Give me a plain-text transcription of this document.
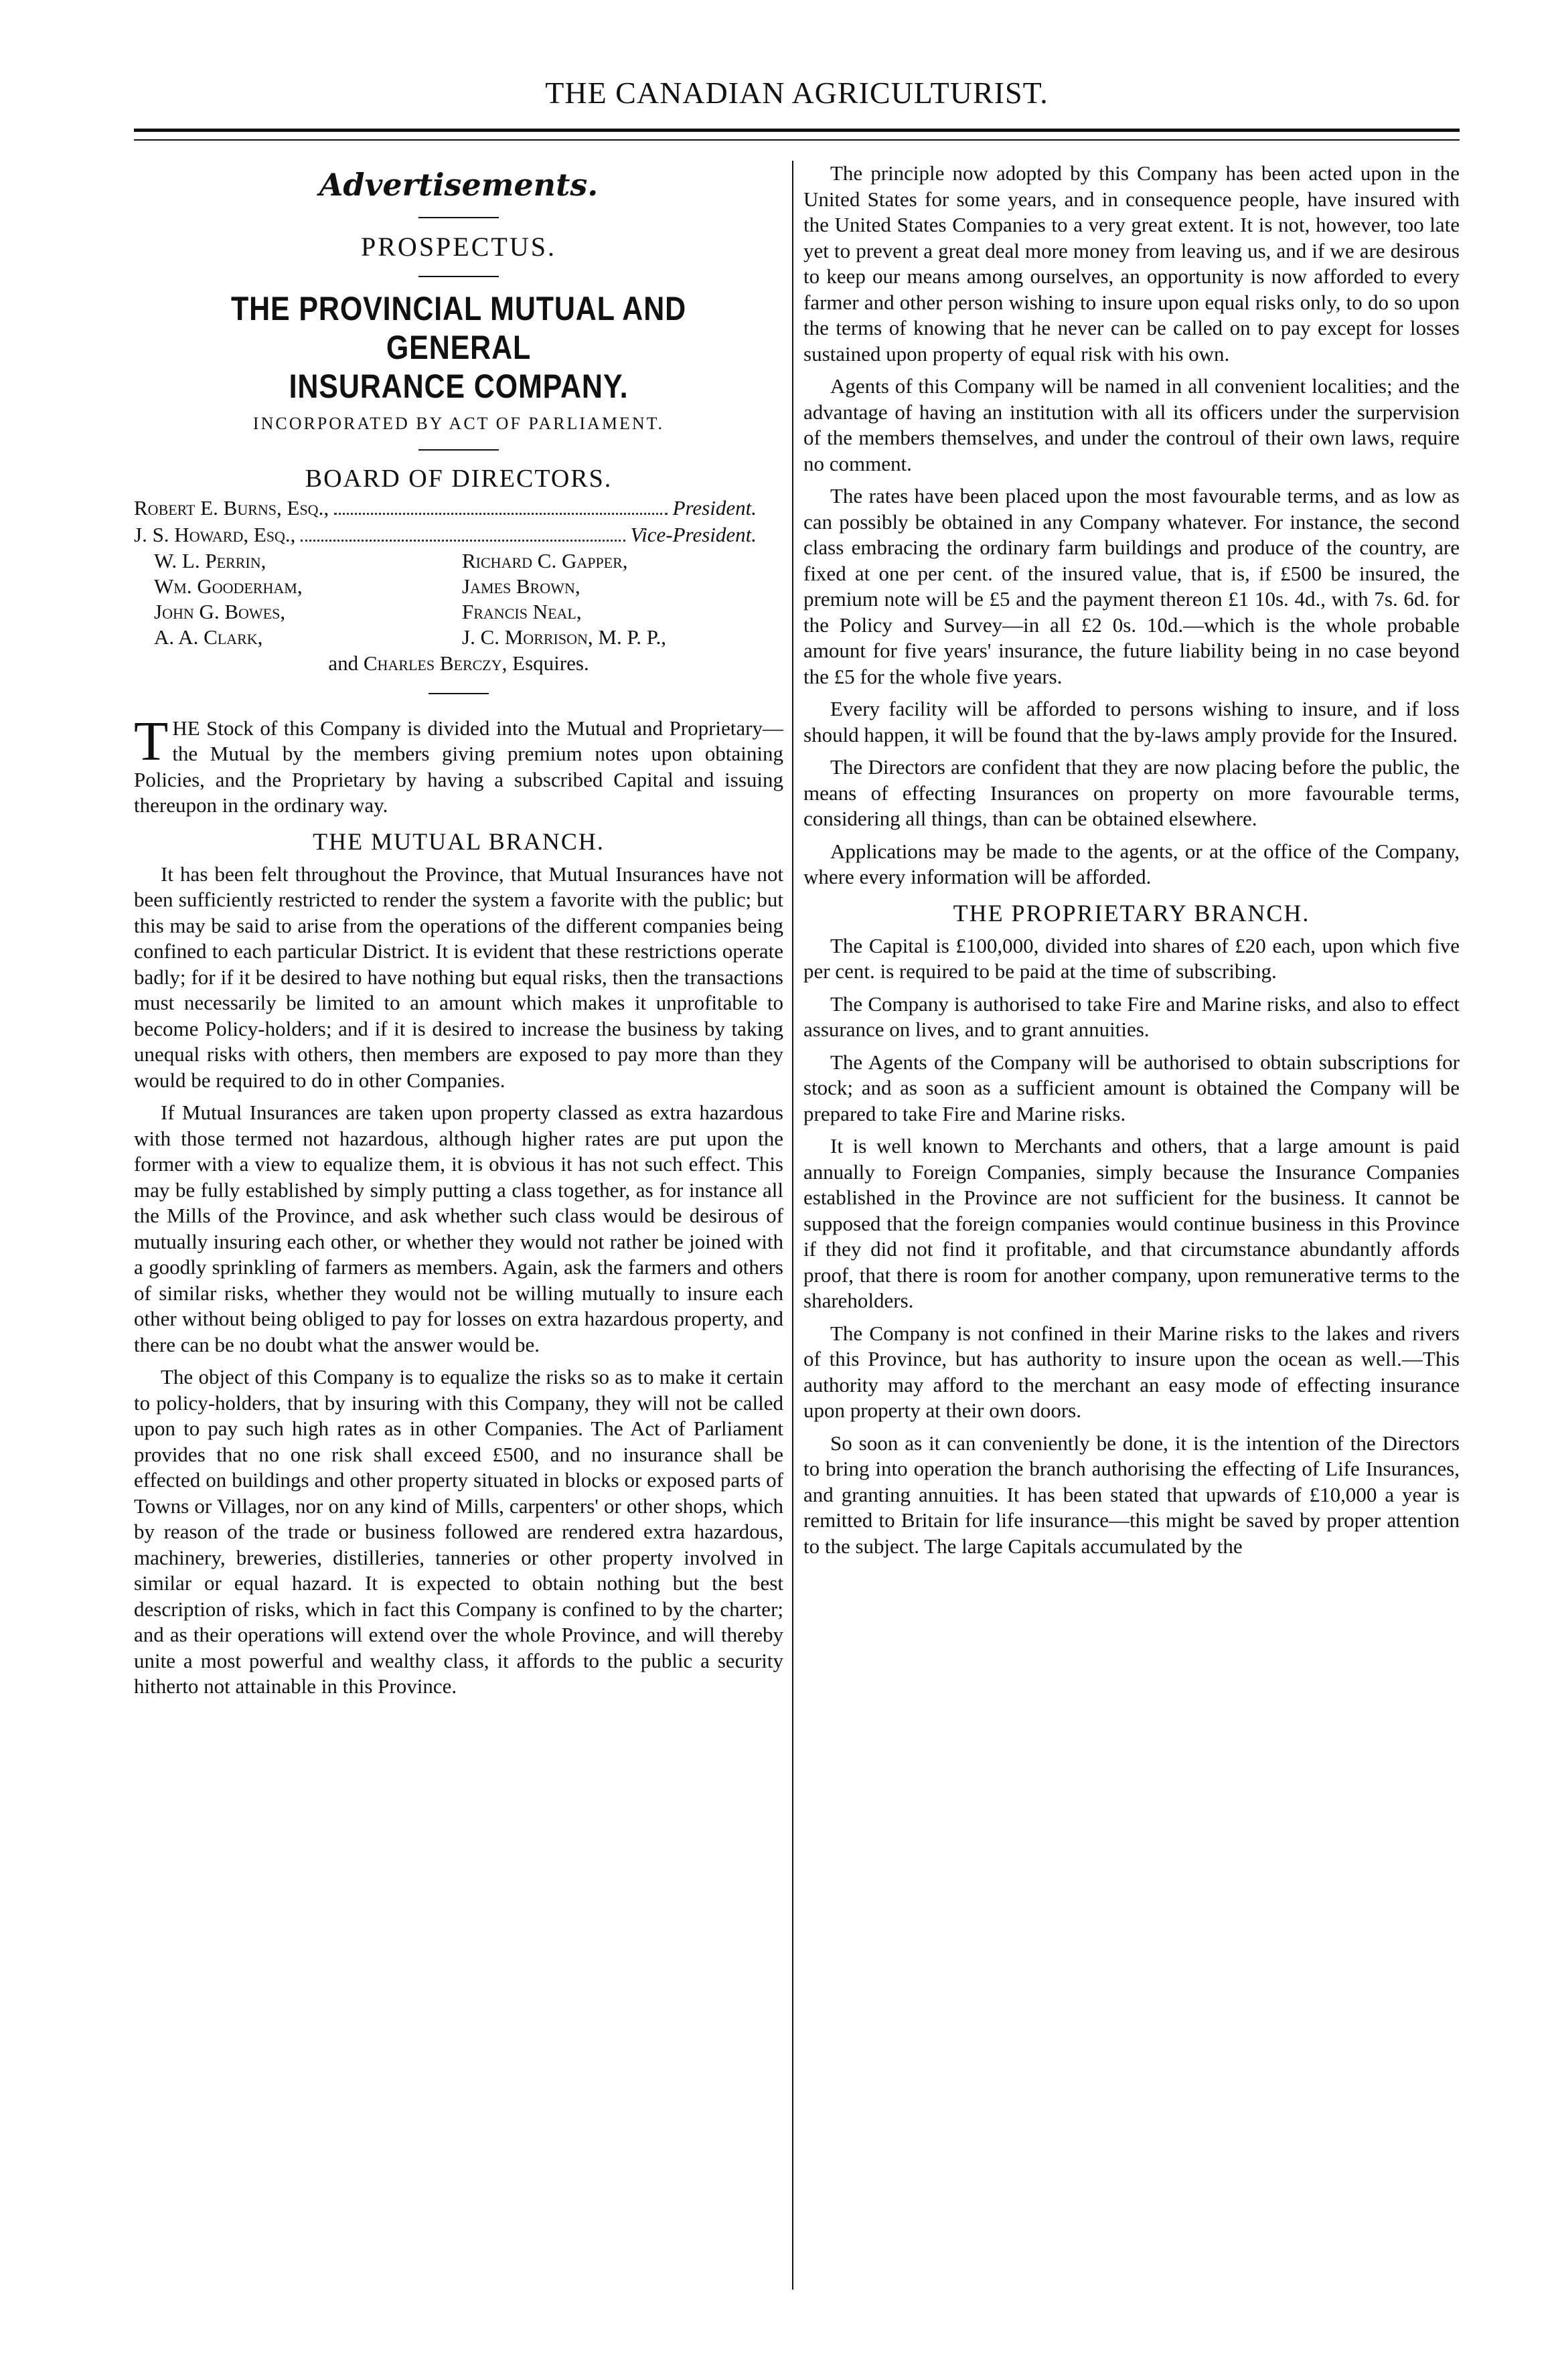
THE CANADIAN AGRICULTURIST.
Advertisements.
PROSPECTUS.
THE PROVINCIAL MUTUAL AND GENERAL
INSURANCE COMPANY.
INCORPORATED BY ACT OF PARLIAMENT.
BOARD OF DIRECTORS.
Robert E. Burns, Esq.,	President.
J. S. Howard, Esq.,	Vice-President.
W. L. Perrin,	Richard C. Gapper,
Wm. Gooderham,	James Brown,
John G. Bowes,	Francis Neal,
A. A. Clark,	J. C. Morrison, M. P. P.,
and Charles Berczy, Esquires.

THE Stock of this Company is divided into the Mutual and Proprietary—the Mutual by the members giving premium notes upon obtaining Policies, and the Proprietary by having a subscribed Capital and issuing thereupon in the ordinary way.

THE MUTUAL BRANCH.

It has been felt throughout the Province, that Mutual Insurances have not been sufficiently restricted to render the system a favorite with the public; but this may be said to arise from the operations of the different companies being confined to each particular District. It is evident that these restrictions operate badly; for if it be desired to have nothing but equal risks, then the transactions must necessarily be limited to an amount which makes it unprofitable to become Policy-holders; and if it is desired to increase the business by taking unequal risks with others, then members are exposed to pay more than they would be required to do in other Companies.

If Mutual Insurances are taken upon property classed as extra hazardous with those termed not hazardous, although higher rates are put upon the former with a view to equalize them, it is obvious it has not such effect. This may be fully established by simply putting a class together, as for instance all the Mills of the Province, and ask whether such class would be desirous of mutually insuring each other, or whether they would not rather be joined with a goodly sprinkling of farmers as members. Again, ask the farmers and others of similar risks, whether they would not be willing mutually to insure each other without being obliged to pay for losses on extra hazardous property, and there can be no doubt what the answer would be.

The object of this Company is to equalize the risks so as to make it certain to policy-holders, that by insuring with this Company, they will not be called upon to pay such high rates as in other Companies. The Act of Parliament provides that no one risk shall exceed £500, and no insurance shall be effected on buildings and other property situated in blocks or exposed parts of Towns or Villages, nor on any kind of Mills, carpenters' or other shops, which by reason of the trade or business followed are rendered extra hazardous, machinery, breweries, distilleries, tanneries or other property involved in similar or equal hazard. It is expected to obtain nothing but the best description of risks, which in fact this Company is confined to by the charter; and as their operations will extend over the whole Province, and will thereby unite a most powerful and wealthy class, it affords to the public a security hitherto not attainable in this Province.

The principle now adopted by this Company has been acted upon in the United States for some years, and in consequence people, have insured with the United States Companies to a very great extent. It is not, however, too late yet to prevent a great deal more money from leaving us, and if we are desirous to keep our means among ourselves, an opportunity is now afforded to every farmer and other person wishing to insure upon equal risks only, to do so upon the terms of knowing that he never can be called on to pay except for losses sustained upon property of equal risk with his own.

Agents of this Company will be named in all convenient localities; and the advantage of having an institution with all its officers under the surpervision of the members themselves, and under the controul of their own laws, require no comment.

The rates have been placed upon the most favourable terms, and as low as can possibly be obtained in any Company whatever. For instance, the second class embracing the ordinary farm buildings and produce of the country, are fixed at one per cent. of the insured value, that is, if £500 be insured, the premium note will be £5 and the payment thereon £1 10s. 4d., with 7s. 6d. for the Policy and Survey—in all £2 0s. 10d.—which is the whole probable amount for five years' insurance, the future liability being in no case beyond the £5 for the whole five years.

Every facility will be afforded to persons wishing to insure, and if loss should happen, it will be found that the by-laws amply provide for the Insured.

The Directors are confident that they are now placing before the public, the means of effecting Insurances on property on more favourable terms, considering all things, than can be obtained elsewhere.

Applications may be made to the agents, or at the office of the Company, where every information will be afforded.

THE PROPRIETARY BRANCH.

The Capital is £100,000, divided into shares of £20 each, upon which five per cent. is required to be paid at the time of subscribing.

The Company is authorised to take Fire and Marine risks, and also to effect assurance on lives, and to grant annuities.

The Agents of the Company will be authorised to obtain subscriptions for stock; and as soon as a sufficient amount is obtained the Company will be prepared to take Fire and Marine risks.

It is well known to Merchants and others, that a large amount is paid annually to Foreign Companies, simply because the Insurance Companies established in the Province are not sufficient for the business. It cannot be supposed that the foreign companies would continue business in this Province if they did not find it profitable, and that circumstance abundantly affords proof, that there is room for another company, upon remunerative terms to the shareholders.

The Company is not confined in their Marine risks to the lakes and rivers of this Province, but has authority to insure upon the ocean as well.—This authority may afford to the merchant an easy mode of effecting insurance upon property at their own doors.

So soon as it can conveniently be done, it is the intention of the Directors to bring into operation the branch authorising the effecting of Life Insurances, and granting annuities. It has been stated that upwards of £10,000 a year is remitted to Britain for life insurance—this might be saved by proper attention to the subject. The large Capitals accumulated by the
